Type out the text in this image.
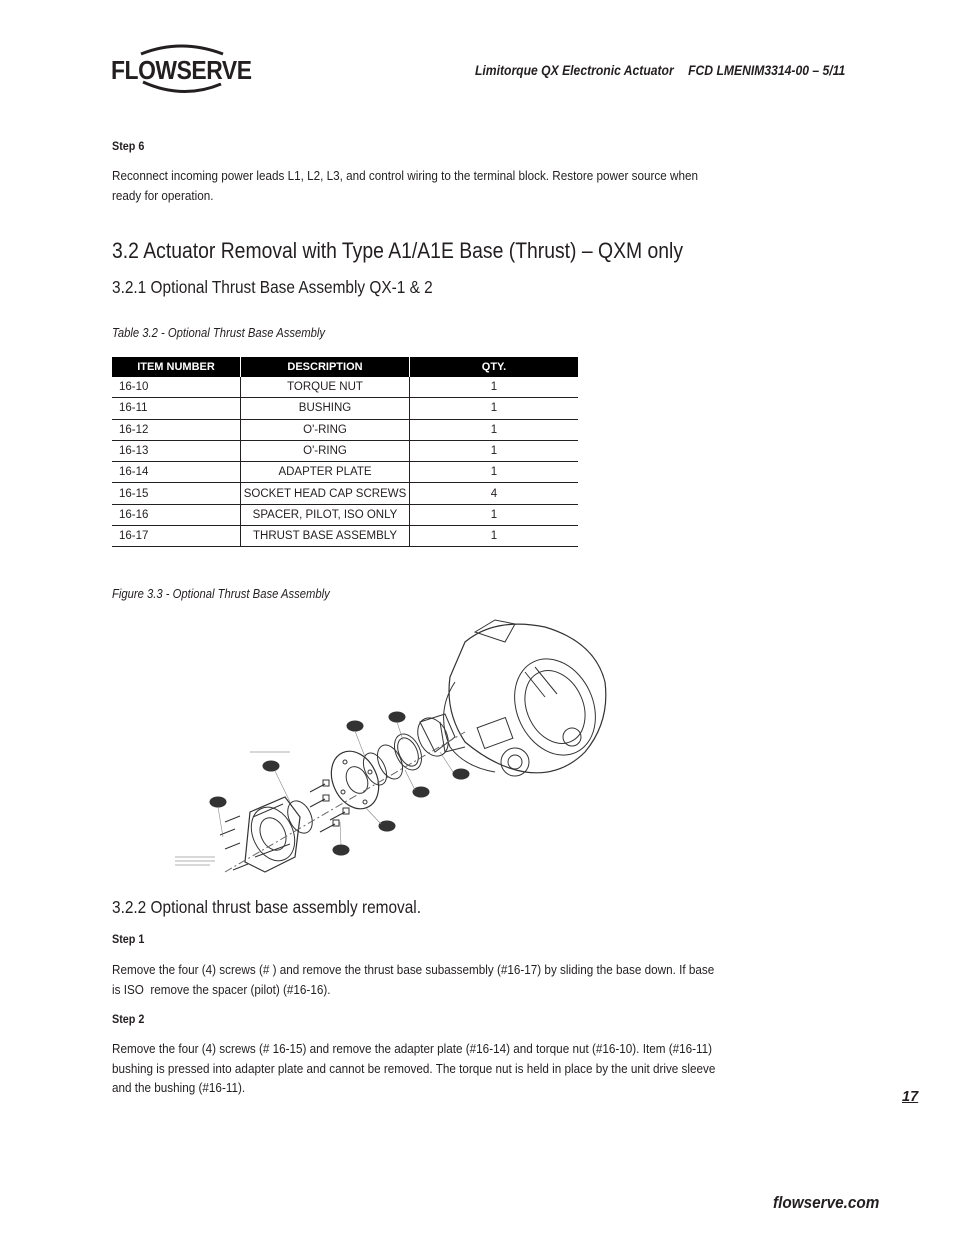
FLOWSERVE	Limitorque QX Electronic Actuator FCD LMENIM3314-00 – 5/11
Step 6
Reconnect incoming power leads L1, L2, L3, and control wiring to the terminal block. Restore power source when
ready for operation.
3.2 Actuator Removal with Type A1/A1E Base (Thrust) – QXM only
3.2.1 Optional Thrust Base Assembly QX-1 & 2
Table 3.2 - Optional Thrust Base Assembly
ITEM NUMBER	DESCRIPTION	QTY.
16-10	TORQUE NUT	1
16-11	BUSHING	1
16-12	O'-RING	1
16-13	O'-RING	1
16-14	ADAPTER PLATE	1
16-15	SOCKET HEAD CAP SCREWS	4
16-16	SPACER, PILOT, ISO ONLY	1
16-17	THRUST BASE ASSEMBLY	1
Figure 3.3 - Optional Thrust Base Assembly
16-12
16-13
16-10
16-11
16-14
16-16
16-15
16-17
3.2.2 Optional thrust base assembly removal.
Step 1
Remove the four (4) screws (# ) and remove the thrust base subassembly (#16-17) by sliding the base down. If base
is ISO  remove the spacer (pilot) (#16-16).
Step 2
Remove the four (4) screws (# 16-15) and remove the adapter plate (#16-14) and torque nut (#16-10). Item (#16-11)
bushing is pressed into adapter plate and cannot be removed. The torque nut is held in place by the unit drive sleeve
and the bushing (#16-11).
17
flowserve.com
